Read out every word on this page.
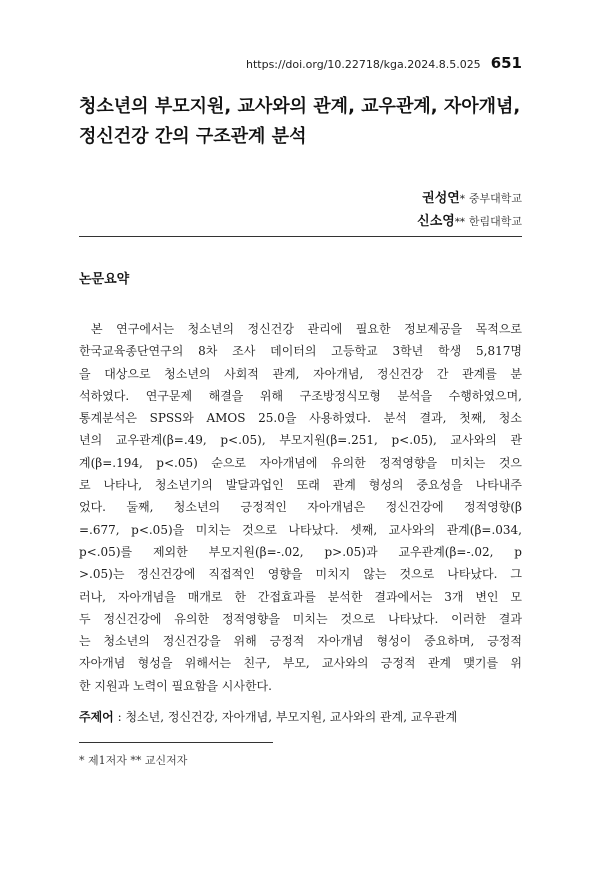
https://doi.org/10.22718/kga.2024.8.5.025 651
청소년의 부모지원, 교사와의 관계, 교우관계, 자아개념,
정신건강 간의 구조관계 분석
권성연 * 중부대학교
신소영 ** 한림대학교
논문요약

본 연구에서는 청소년의 정신건강 관리에 필요한 정보제공을 목적으로
한국교육종단연구의 8차 조사 데이터의 고등학교 3학년 학생 5,817명
을 대상으로 청소년의 사회적 관계, 자아개념, 정신건강 간 관계를 분
석하였다. 연구문제 해결을 위해 구조방정식모형 분석을 수행하였으며,
통계분석은 SPSS와 AMOS 25.0을 사용하였다. 분석 결과, 첫째, 청소
년의 교우관계(β=.49, p<.05), 부모지원(β=.251, p<.05), 교사와의 관
계(β=.194, p<.05) 순으로 자아개념에 유의한 정적영향을 미치는 것으
로 나타나, 청소년기의 발달과업인 또래 관계 형성의 중요성을 나타내주
었다. 둘째, 청소년의 긍정적인 자아개념은 정신건강에 정적영향(β
=.677, p<.05)을 미치는 것으로 나타났다. 셋째, 교사와의 관계(β=.034,
p<.05)를 제외한 부모지원(β=-.02, p>.05)과 교우관계(β=-.02, p
>.05)는 정신건강에 직접적인 영향을 미치지 않는 것으로 나타났다. 그
러나, 자아개념을 매개로 한 간접효과를 분석한 결과에서는 3개 변인 모
두 정신건강에 유의한 정적영향을 미치는 것으로 나타났다. 이러한 결과
는 청소년의 정신건강을 위해 긍정적 자아개념 형성이 중요하며, 긍정적
자아개념 형성을 위해서는 친구, 부모, 교사와의 긍정적 관계 맺기를 위
한 지원과 노력이 필요함을 시사한다.

주제어 : 청소년, 정신건강, 자아개념, 부모지원, 교사와의 관계, 교우관계
* 제1저자 ** 교신저자
